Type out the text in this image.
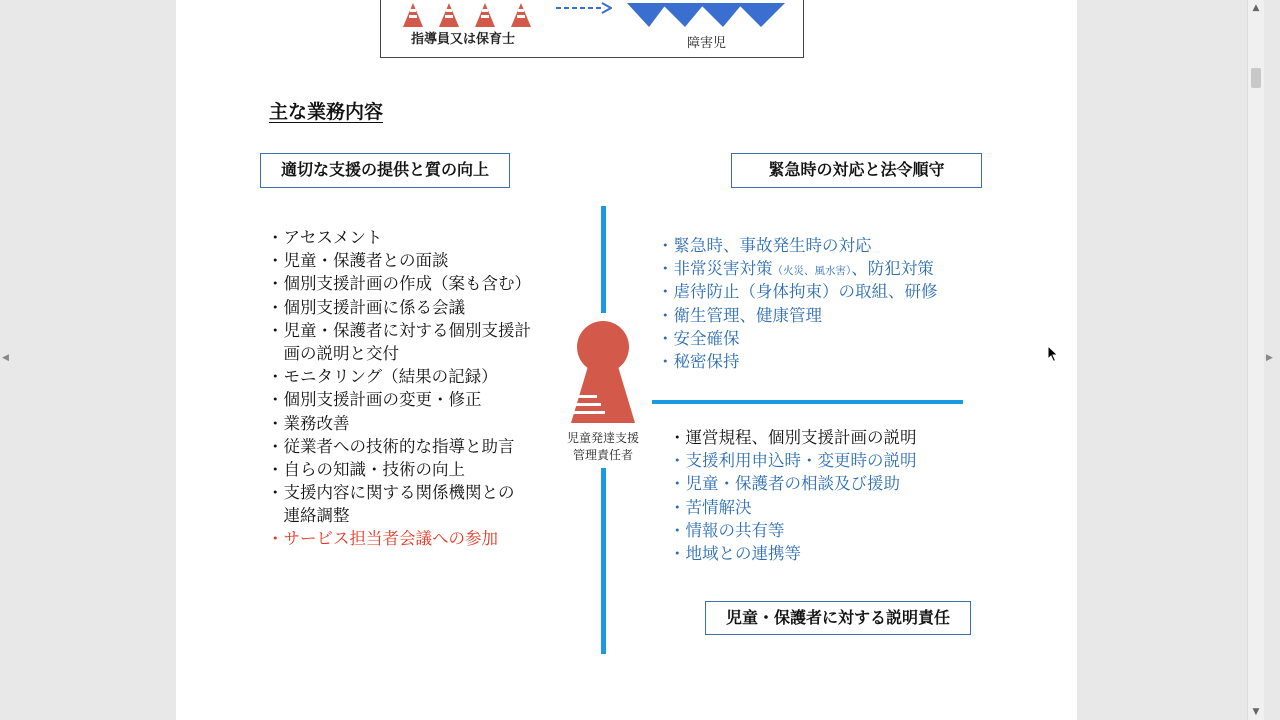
◀
指導員又は保育士	障害児
主な業務内容
適切な支援の提供と質の向上	緊急時の対応と法令順守
児童・保護者に対する説明責任
児童発達支援
管理責任者
・アセスメント
・児童・保護者との面談
・個別支援計画の作成（案も含む）
・個別支援計画に係る会議
・児童・保護者に対する個別支援計
　画の説明と交付
・モニタリング（結果の記録）
・個別支援計画の変更・修正
・業務改善
・従業者への技術的な指導と助言
・自らの知識・技術の向上
・支援内容に関する関係機関との
　連絡調整
・サービス担当者会議への参加
・緊急時、事故発生時の対応
・非常災害対策（火災、風水害）、防犯対策
・虐待防止（身体拘束）の取組、研修
・衛生管理、健康管理
・安全確保
・秘密保持
・運営規程、個別支援計画の説明
・支援利用申込時・変更時の説明
・児童・保護者の相談及び援助
・苦情解決
・情報の共有等
・地域との連携等
▲
▼
▶
